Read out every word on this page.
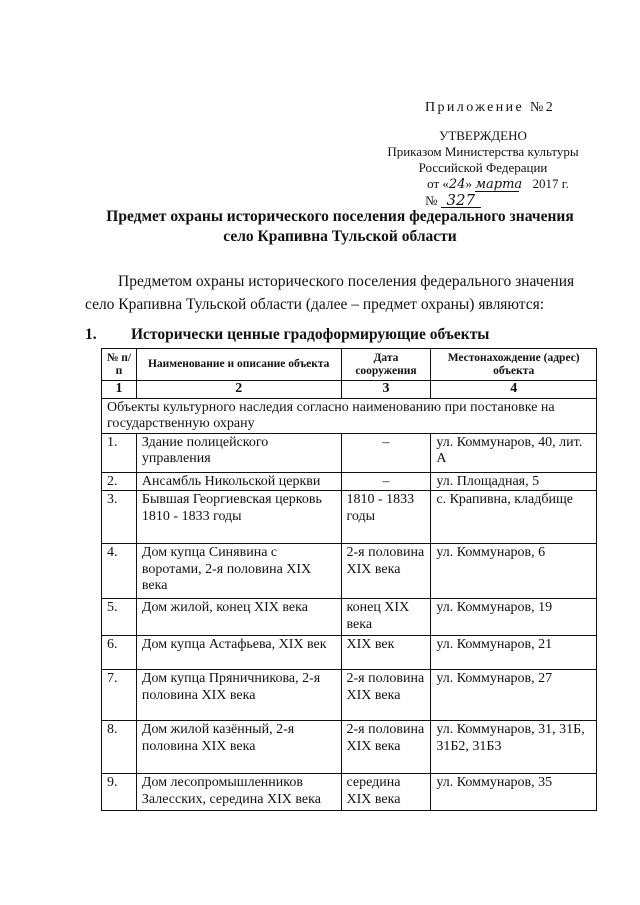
Приложение №2
УТВЕРЖДЕНО
Приказом Министерства культуры
Российской Федерации
от «24» марта 2017 г.
№ 327
Предмет охраны исторического поселения федерального значения
село Крапивна Тульской области
Предметом охраны исторического поселения федерального значения село Крапивна Тульской области (далее – предмет охраны) являются:
1. Исторически ценные градоформирующие объекты
№ п/п	Наименование и описание объекта	Дата сооружения	Местонахождение (адрес) объекта
1	2	3	4
Объекты культурного наследия согласно наименованию при постановке на государственную охрану			
1.	Здание полицейского управления	–	ул. Коммунаров, 40, лит. А
2.	Ансамбль Никольской церкви	–	ул. Площадная, 5
3.	Бывшая Георгиевская церковь 1810 - 1833 годы	1810 - 1833 годы	с. Крапивна, кладбище
4.	Дом купца Синявина с воротами, 2-я половина XIX века	2-я половина XIX века	ул. Коммунаров, 6
5.	Дом жилой, конец XIX века	конец XIX века	ул. Коммунаров, 19
6.	Дом купца Астафьева, XIX век	XIX век	ул. Коммунаров, 21
7.	Дом купца Пряничникова, 2-я половина XIX века	2-я половина XIX века	ул. Коммунаров, 27
8.	Дом жилой казённый, 2-я половина XIX века	2-я половина XIX века	ул. Коммунаров, 31, 31Б, 31Б2, 31Б3
9.	Дом лесопромышленников Залесских, середина XIX века	середина XIX века	ул. Коммунаров, 35
